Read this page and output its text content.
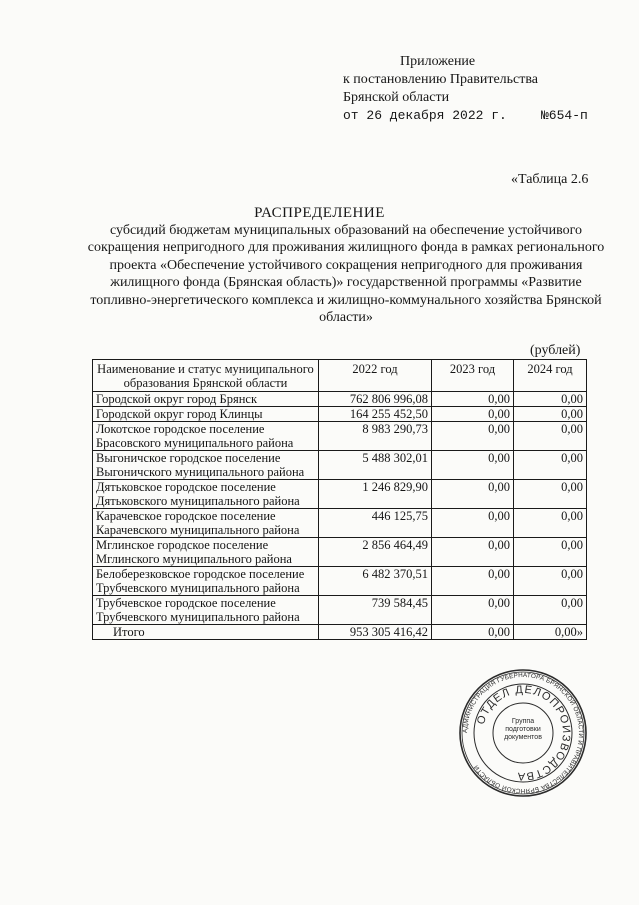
Приложение
к постановлению Правительства
Брянской области
от 26 декабря 2022 г.	№654-п
«Таблица 2.6
РАСПРЕДЕЛЕНИЕ
субсидий бюджетам муниципальных образований на обеспечение устойчивого сокращения непригодного для проживания жилищного фонда в рамках регионального проекта «Обеспечение устойчивого сокращения непригодного для проживания жилищного фонда (Брянская область)» государственной программы «Развитие топливно-энергетического комплекса и жилищно-коммунального хозяйства Брянской области»
(рублей)
Наименование и статус муниципального образования Брянской области	2022 год	2023 год	2024 год
Городской округ город Брянск	762 806 996,08	0,00	0,00
Городской округ город Клинцы	164 255 452,50	0,00	0,00
Локотское городское поселение Брасовского муниципального района	8 983 290,73	0,00	0,00
Выгоничское городское поселение Выгоничского муниципального района	5 488 302,01	0,00	0,00
Дятьковское городское поселение Дятьковского муниципального района	1 246 829,90	0,00	0,00
Карачевское городское поселение Карачевского муниципального района	446 125,75	0,00	0,00
Мглинское городское поселение Мглинского муниципального района	2 856 464,49	0,00	0,00
Белоберезковское городское поселение Трубчевского муниципального района	6 482 370,51	0,00	0,00
Трубчевское городское поселение Трубчевского муниципального района	739 584,45	0,00	0,00
Итого	953 305 416,42	0,00	0,00»
АДМИНИСТРАЦИЯ ГУБЕРНАТОРА БРЯНСКОЙ ОБЛАСТИ И ПРАВИТЕЛЬСТВА БРЯНСКОЙ ОБЛАСТИ
ОТДЕЛ ДЕЛОПРОИЗВОДСТВА
Группа подготовки документов
